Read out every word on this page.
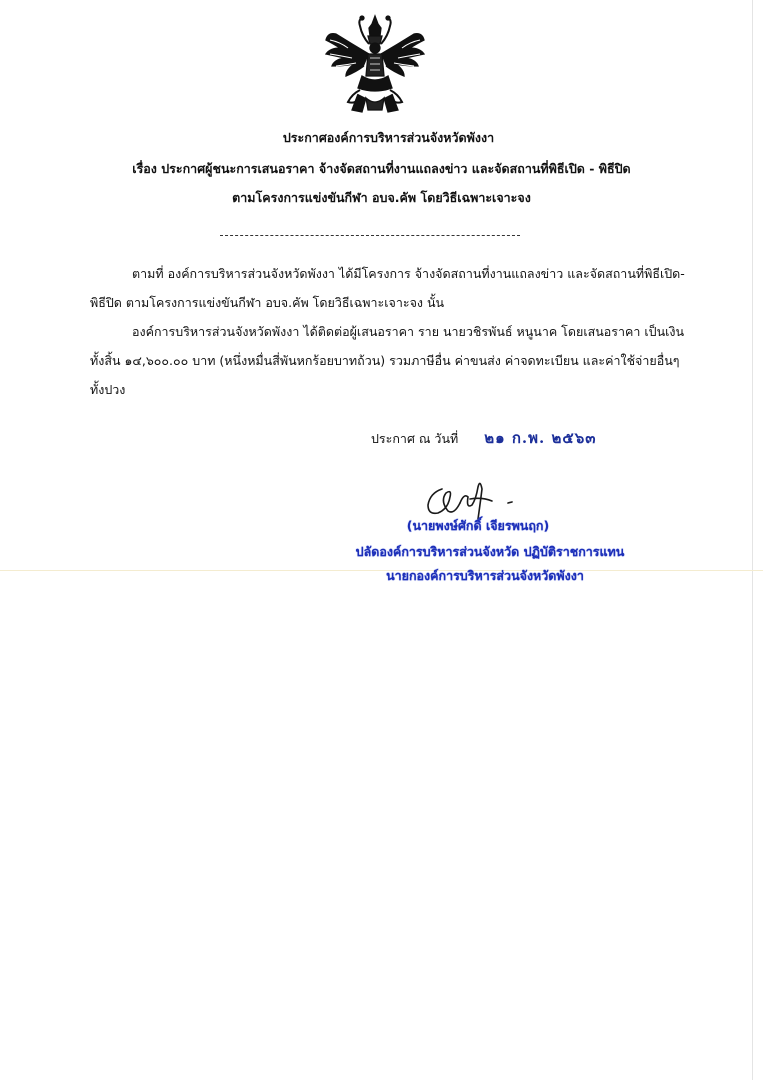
ประกาศองค์การบริหารส่วนจังหวัดพังงา
เรื่อง ประกาศผู้ชนะการเสนอราคา จ้างจัดสถานที่งานแถลงข่าว และจัดสถานที่พิธีเปิด - พิธีปิด
ตามโครงการแข่งขันกีฬา อบจ.คัพ โดยวิธีเฉพาะเจาะจง
ตามที่ องค์การบริหารส่วนจังหวัดพังงา ได้มีโครงการ จ้างจัดสถานที่งานแถลงข่าว และจัดสถานที่พิธีเปิด-
พิธีปิด ตามโครงการแข่งขันกีฬา อบจ.คัพ โดยวิธีเฉพาะเจาะจง นั้น
องค์การบริหารส่วนจังหวัดพังงา ได้ติดต่อผู้เสนอราคา ราย นายวชิรพันธ์ หนูนาค โดยเสนอราคา เป็นเงิน
ทั้งสิ้น ๑๔,๖๐๐.๐๐ บาท (หนึ่งหมื่นสี่พันหกร้อยบาทถ้วน) รวมภาษีอื่น ค่าขนส่ง ค่าจดทะเบียน และค่าใช้จ่ายอื่นๆ
ทั้งปวง
ประกาศ ณ วันที่ ๒๑ ก.พ. ๒๕๖๓
(นายพงษ์ศักดิ์ เจียรพนฤก)
ปลัดองค์การบริหารส่วนจังหวัด ปฏิบัติราชการแทน
นายกองค์การบริหารส่วนจังหวัดพังงา
